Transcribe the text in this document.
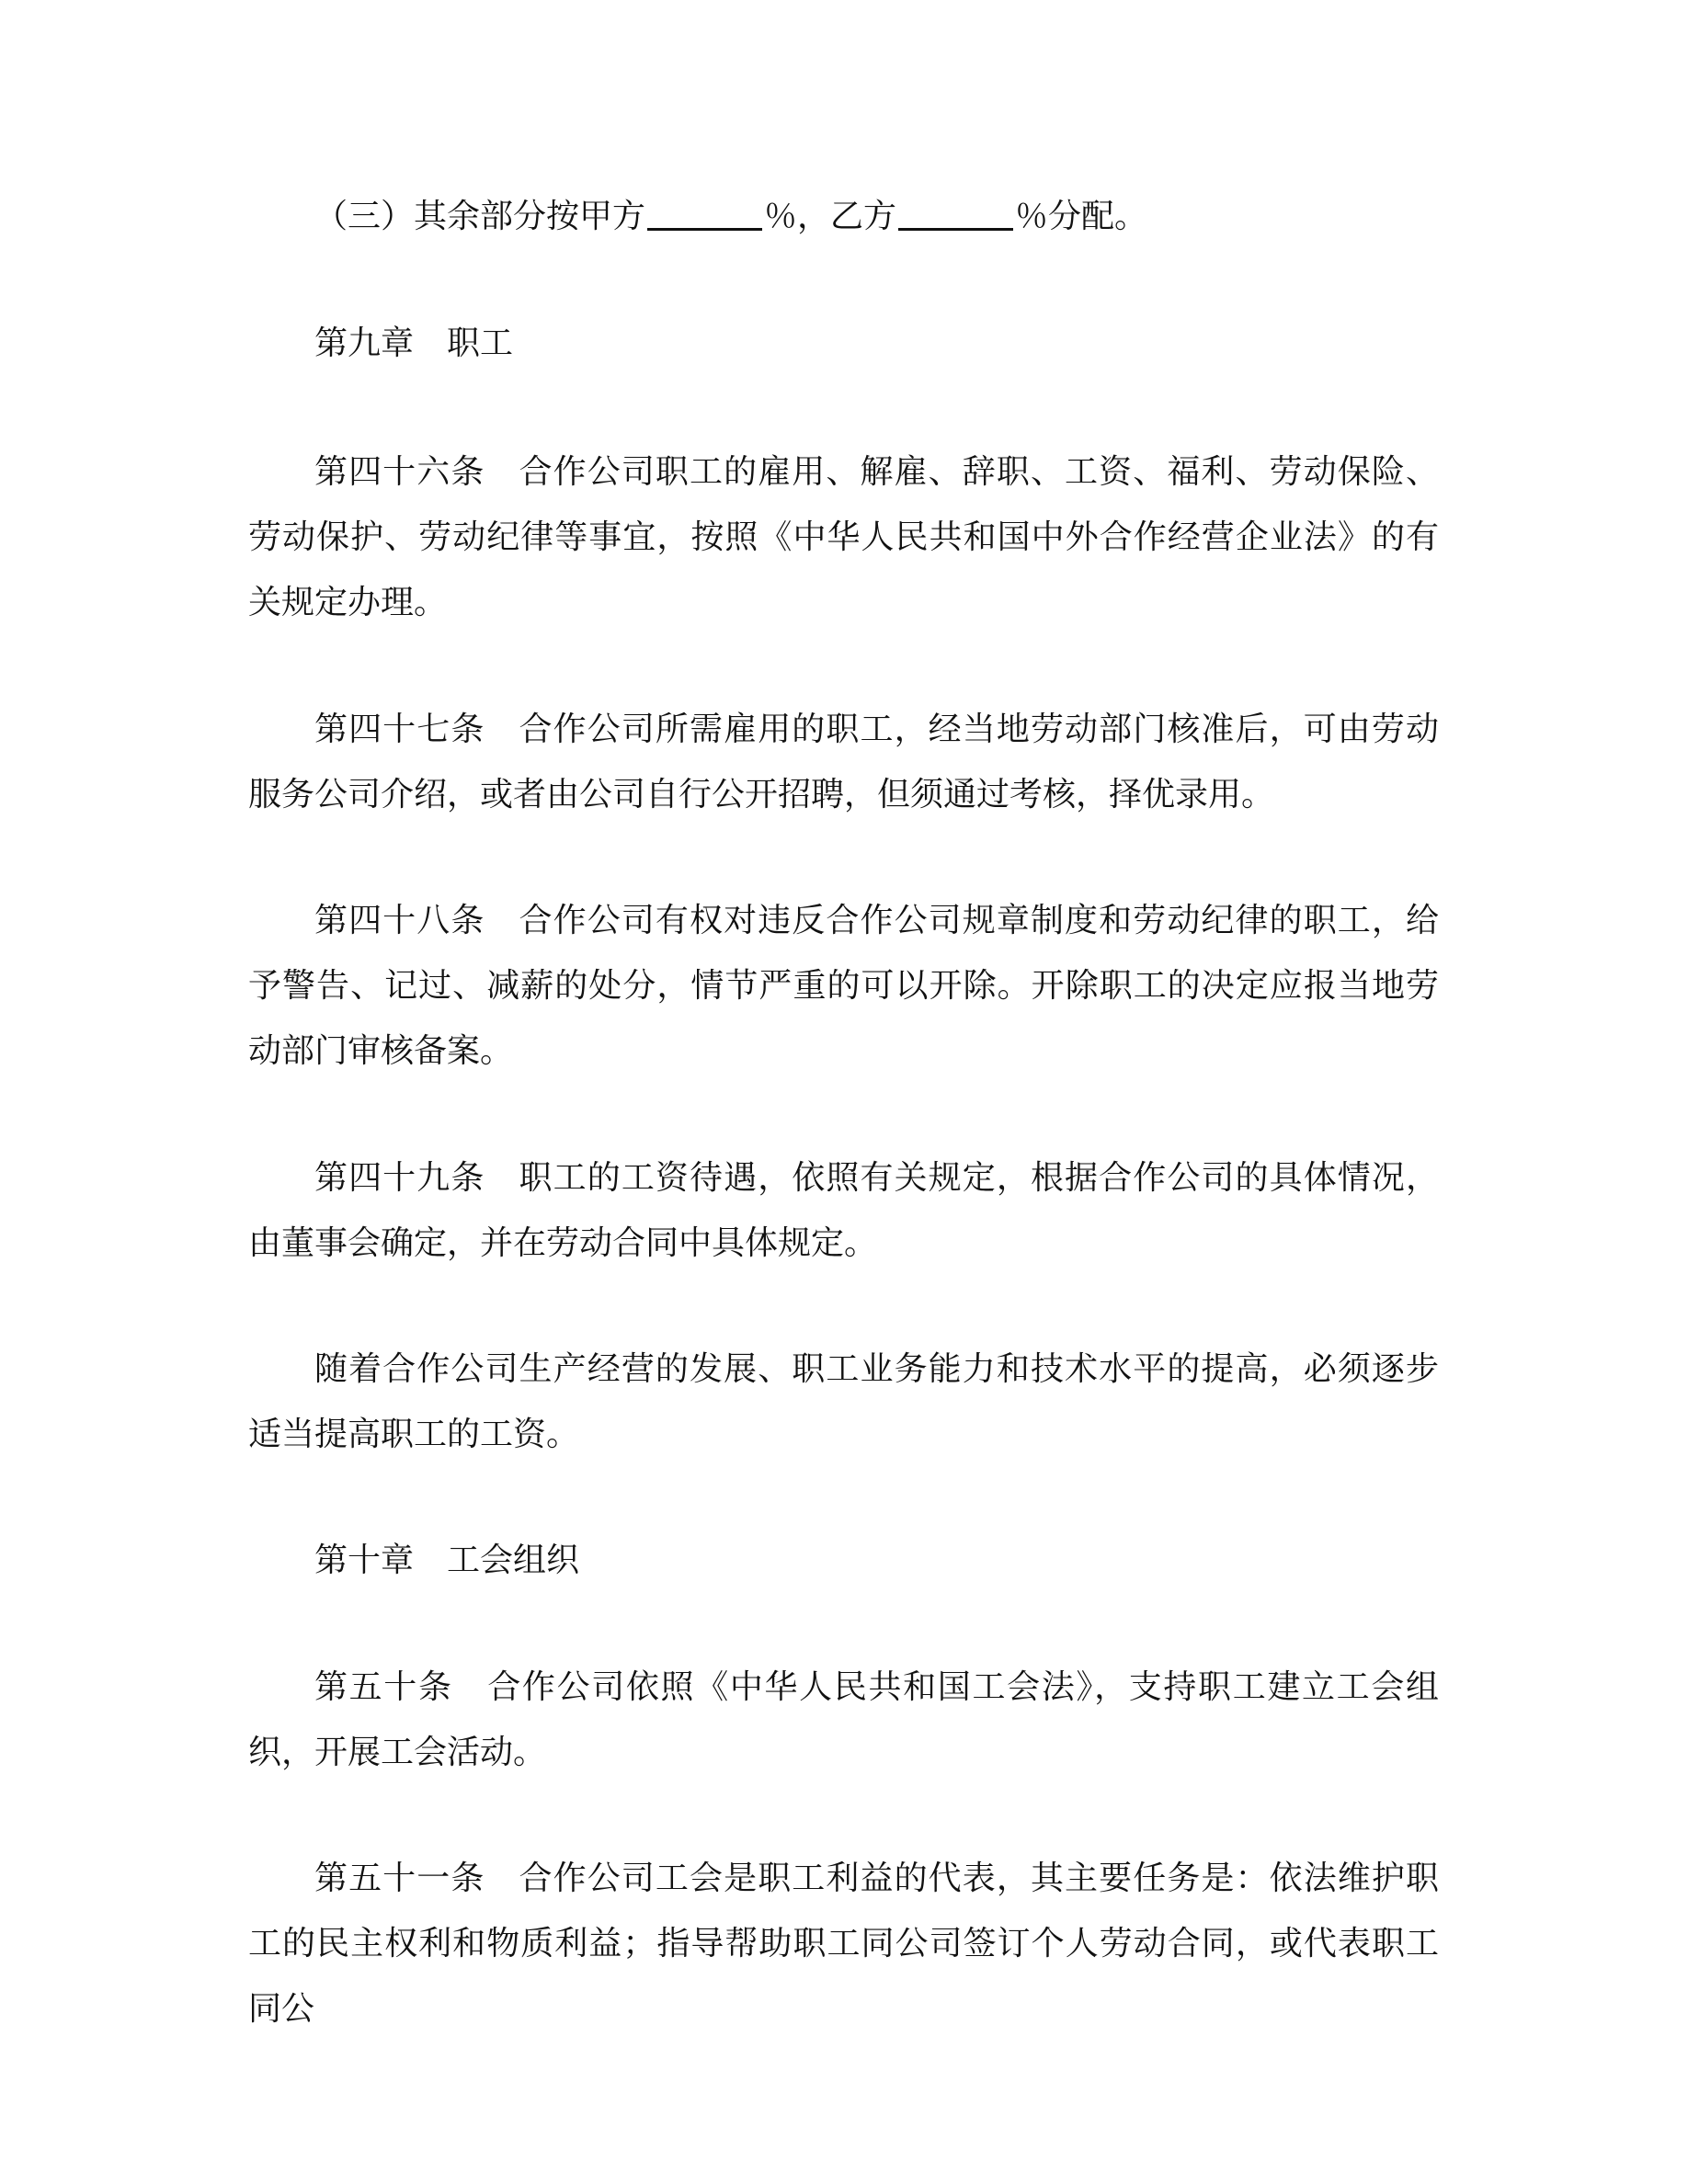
（三）其余部分按甲方	％，乙方	％分配。

第九章 职工

第四十六条 合作公司职工的雇用、解雇、辞职、工资、福利、劳动保险、劳动保护、劳动纪律等事宜，按照《中华人民共和国中外合作经营企业法》的有关规定办理。

第四十七条 合作公司所需雇用的职工，经当地劳动部门核准后，可由劳动服务公司介绍，或者由公司自行公开招聘，但须通过考核，择优录用。

第四十八条 合作公司有权对违反合作公司规章制度和劳动纪律的职工，给予警告、记过、减薪的处分，情节严重的可以开除。开除职工的决定应报当地劳动部门审核备案。

第四十九条 职工的工资待遇，依照有关规定，根据合作公司的具体情况，由董事会确定，并在劳动合同中具体规定。

随着合作公司生产经营的发展、职工业务能力和技术水平的提高，必须逐步适当提高职工的工资。

第十章 工会组织

第五十条 合作公司依照《中华人民共和国工会法》，支持职工建立工会组织，开展工会活动。

第五十一条 合作公司工会是职工利益的代表，其主要任务是：依法维护职工的民主权利和物质利益；指导帮助职工同公司签订个人劳动合同，或代表职工同公
